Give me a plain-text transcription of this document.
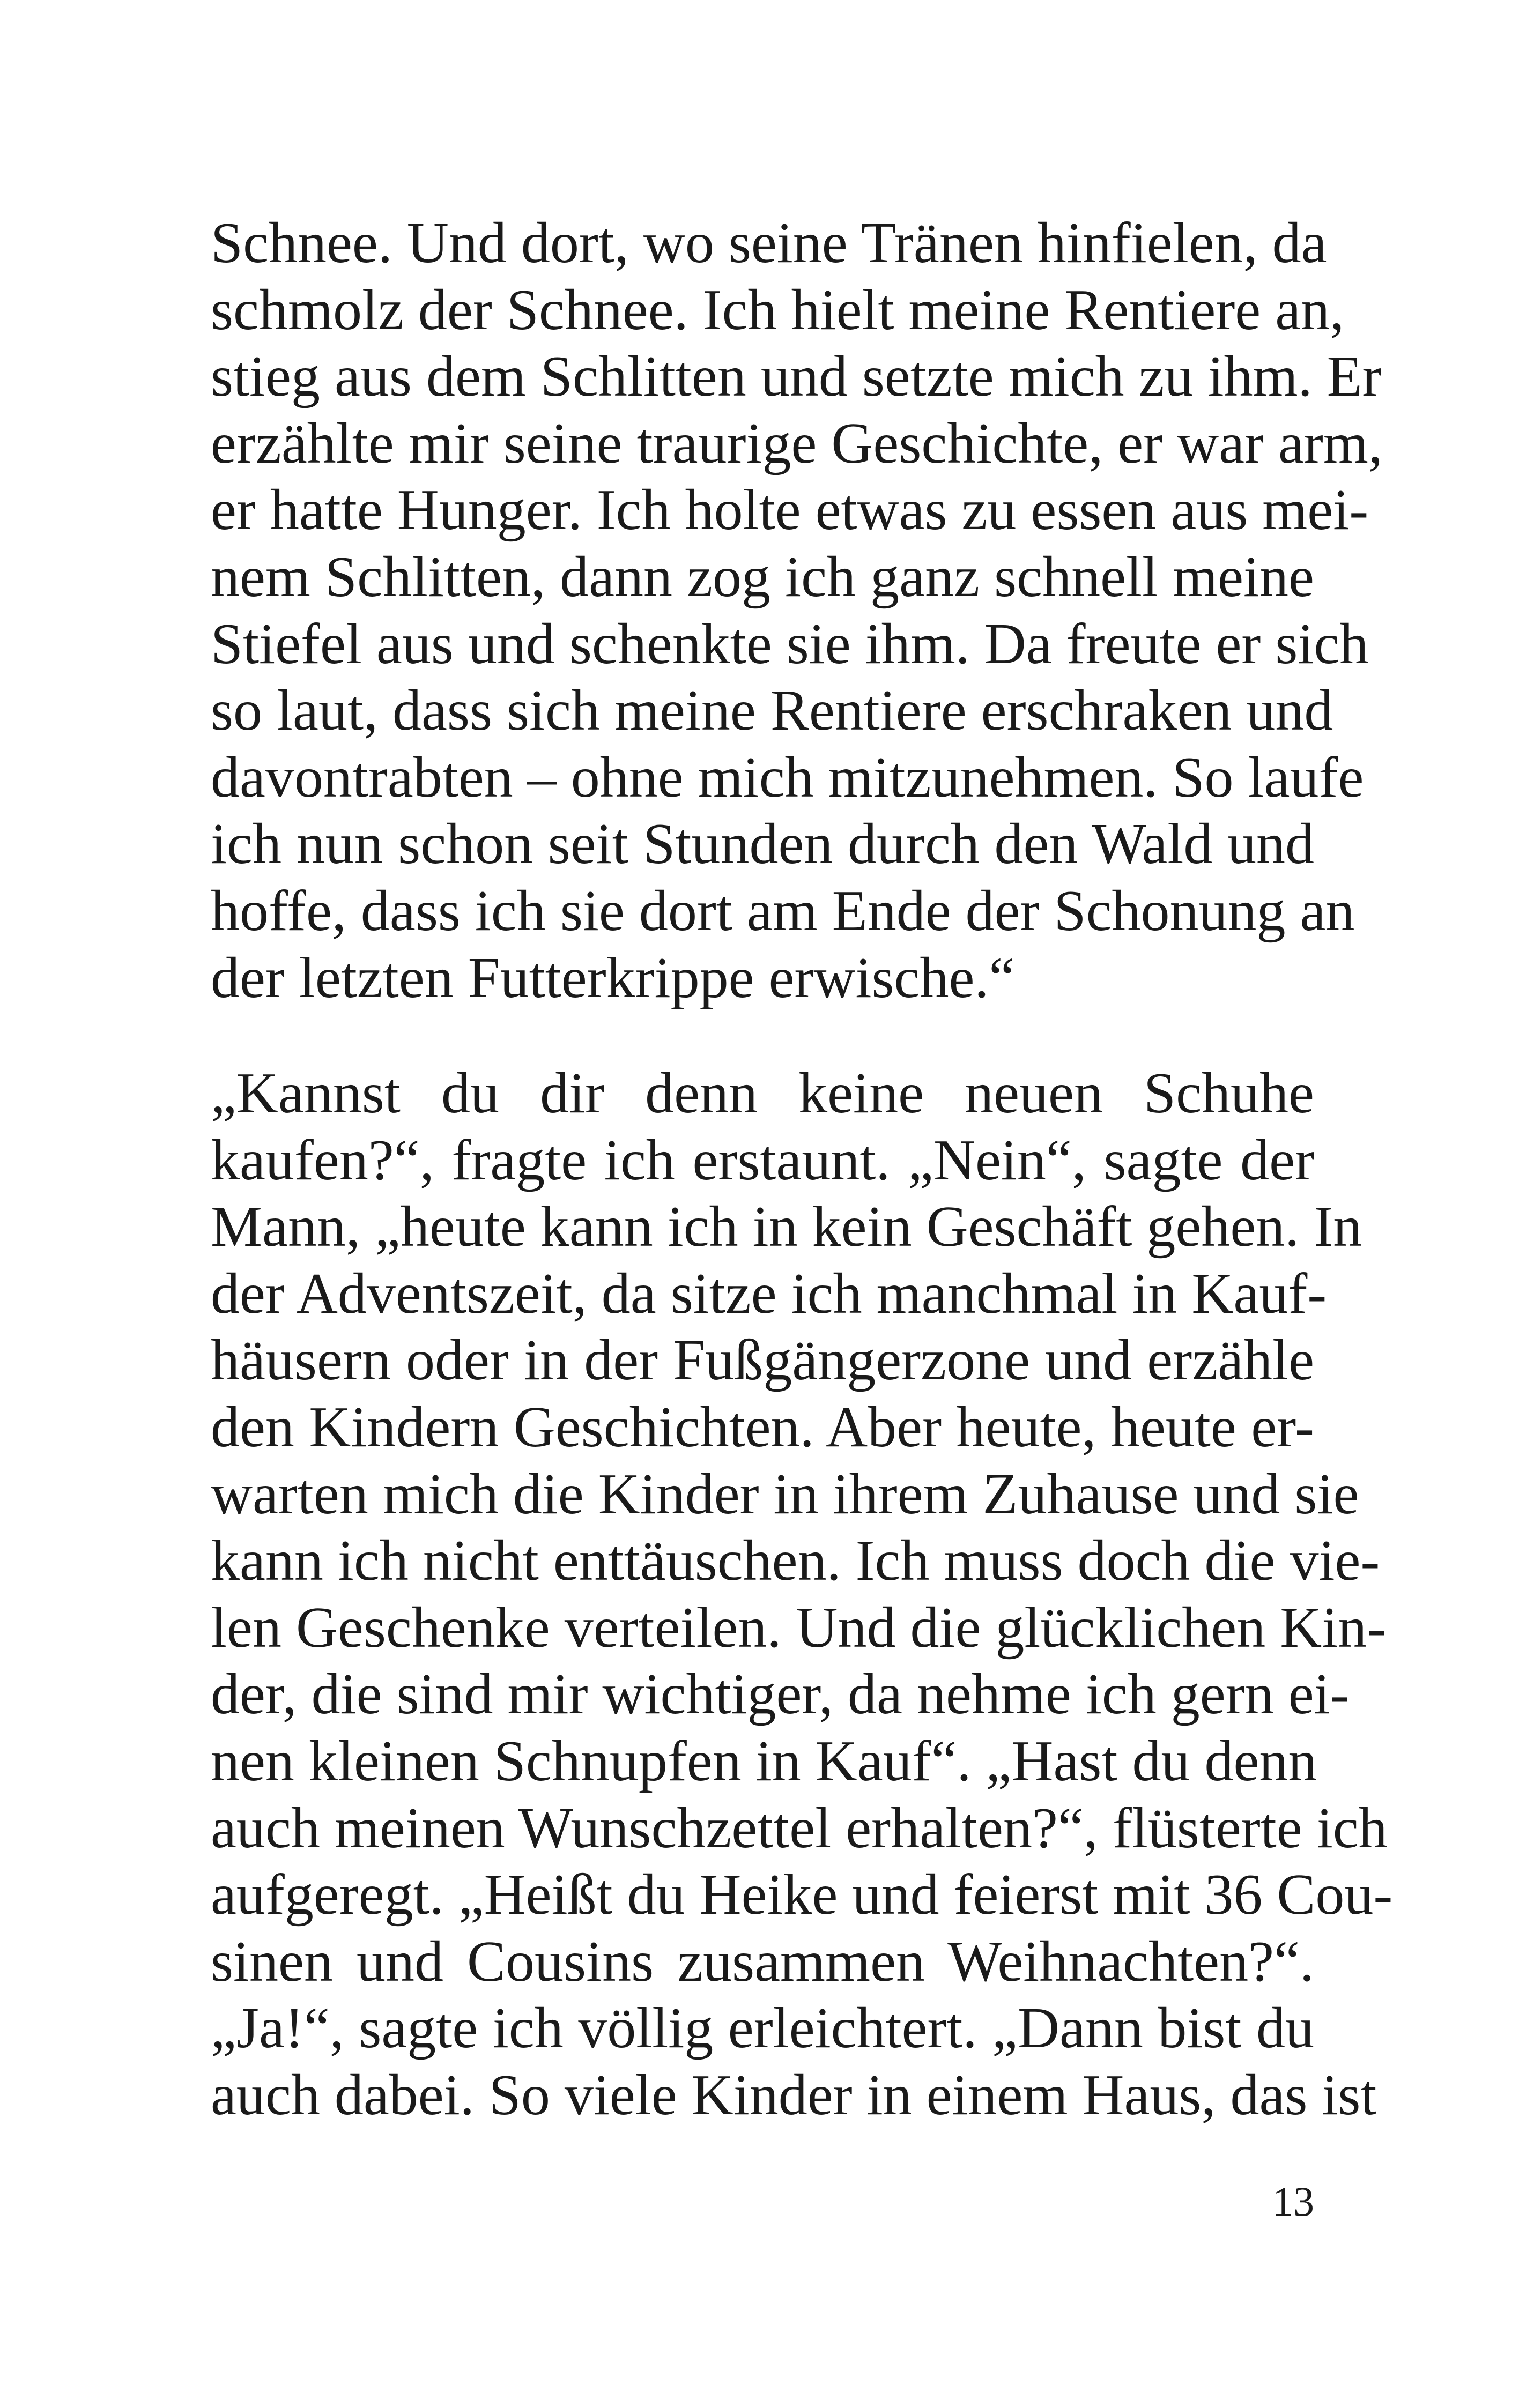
Schnee. Und dort, wo seine Tränen hinfielen, da
schmolz der Schnee. Ich hielt meine Rentiere an,
stieg aus dem Schlitten und setzte mich zu ihm. Er
erzählte mir seine traurige Geschichte, er war arm,
er hatte Hunger. Ich holte etwas zu essen aus mei-
nem Schlitten, dann zog ich ganz schnell meine
Stiefel aus und schenkte sie ihm. Da freute er sich
so laut, dass sich meine Rentiere erschraken und
davontrabten – ohne mich mitzunehmen. So laufe
ich nun schon seit Stunden durch den Wald und
hoffe, dass ich sie dort am Ende der Schonung an
der letzten Futterkrippe erwische.“
„Kannst du dir denn keine neuen Schuhe
kaufen?“, fragte ich erstaunt. „Nein“, sagte der
Mann, „heute kann ich in kein Geschäft gehen. In
der Adventszeit, da sitze ich manchmal in Kauf-
häusern oder in der Fußgängerzone und erzähle
den Kindern Geschichten. Aber heute, heute er-
warten mich die Kinder in ihrem Zuhause und sie
kann ich nicht enttäuschen. Ich muss doch die vie-
len Geschenke verteilen. Und die glücklichen Kin-
der, die sind mir wichtiger, da nehme ich gern ei-
nen kleinen Schnupfen in Kauf“. „Hast du denn
auch meinen Wunschzettel erhalten?“, flüsterte ich
aufgeregt. „Heißt du Heike und feierst mit 36 Cou-
sinen und Cousins zusammen Weihnachten?“.
„Ja!“, sagte ich völlig erleichtert. „Dann bist du
auch dabei. So viele Kinder in einem Haus, das ist
13
